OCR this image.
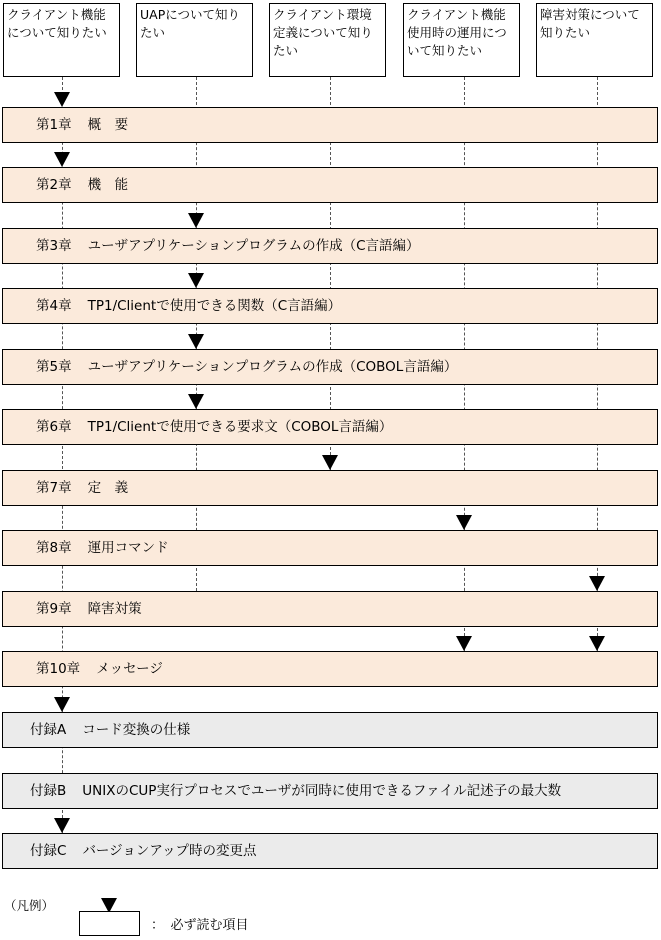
クライアント機能について知りたい
UAPについて知りたい
クライアント環境定義について知りたい
クライアント機能使用時の運用について知りたい
障害対策について知りたい
第1章 概　要
第2章 機　能
第3章 ユーザアプリケーションプログラムの作成（C言語編）
第4章 TP1/Clientで使用できる関数（C言語編）
第5章 ユーザアプリケーションプログラムの作成（COBOL言語編）
第6章 TP1/Clientで使用できる要求文（COBOL言語編）
第7章 定　義
第8章 運用コマンド
第9章 障害対策
第10章 メッセージ
付録A コード変換の仕様
付録B UNIXのCUP実行プロセスでユーザが同時に使用できるファイル記述子の最大数
付録C バージョンアップ時の変更点
（凡例）
：　必ず読む項目
